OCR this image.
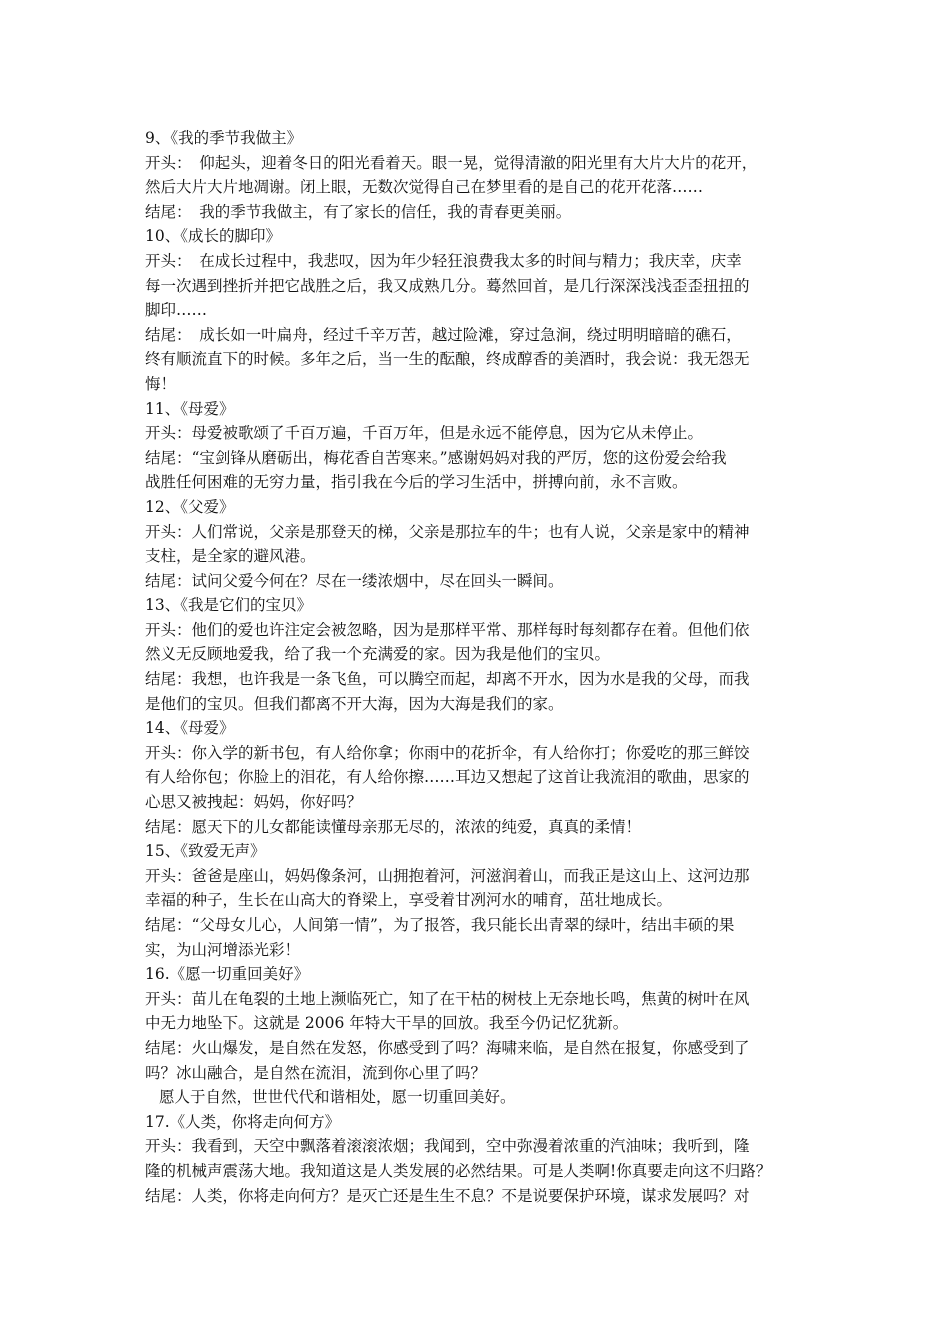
9、《我的季节我做主》
开头：　仰起头，迎着冬日的阳光看着天。眼一晃，觉得清澈的阳光里有大片大片的花开，
然后大片大片地凋谢。闭上眼，无数次觉得自己在梦里看的是自己的花开花落……
结尾：　我的季节我做主，有了家长的信任，我的青春更美丽。
10、《成长的脚印》
开头：　在成长过程中，我悲叹，因为年少轻狂浪费我太多的时间与精力；我庆幸，庆幸
每一次遇到挫折并把它战胜之后，我又成熟几分。蓦然回首，是几行深深浅浅歪歪扭扭的
脚印……
结尾：　成长如一叶扁舟，经过千辛万苦，越过险滩，穿过急涧，绕过明明暗暗的礁石，
终有顺流直下的时候。多年之后，当一生的酝酿，终成醇香的美酒时，我会说：我无怨无
悔！
11、《母爱》
开头：母爱被歌颂了千百万遍，千百万年，但是永远不能停息，因为它从未停止。
结尾：“宝剑锋从磨砺出，梅花香自苦寒来。”感谢妈妈对我的严厉，您的这份爱会给我
战胜任何困难的无穷力量，指引我在今后的学习生活中，拼搏向前，永不言败。
12、《父爱》
开头：人们常说，父亲是那登天的梯，父亲是那拉车的牛；也有人说，父亲是家中的精神
支柱，是全家的避风港。
结尾：试问父爱今何在？尽在一缕浓烟中，尽在回头一瞬间。
13、《我是它们的宝贝》
开头：他们的爱也许注定会被忽略，因为是那样平常、那样每时每刻都存在着。但他们依
然义无反顾地爱我，给了我一个充满爱的家。因为我是他们的宝贝。
结尾：我想，也许我是一条飞鱼，可以腾空而起，却离不开水，因为水是我的父母，而我
是他们的宝贝。但我们都离不开大海，因为大海是我们的家。
14、《母爱》
开头：你入学的新书包，有人给你拿；你雨中的花折伞，有人给你打；你爱吃的那三鲜饺
有人给你包；你脸上的泪花，有人给你擦……耳边又想起了这首让我流泪的歌曲，思家的
心思又被拽起：妈妈，你好吗？
结尾：愿天下的儿女都能读懂母亲那无尽的，浓浓的纯爱，真真的柔情！
15、《致爱无声》
开头：爸爸是座山，妈妈像条河，山拥抱着河，河滋润着山，而我正是这山上、这河边那
幸福的种子，生长在山高大的脊梁上，享受着甘冽河水的哺育，茁壮地成长。
结尾：“父母女儿心，人间第一情”，为了报答，我只能长出青翠的绿叶，结出丰硕的果
实，为山河增添光彩！
16.《愿一切重回美好》
开头：苗儿在龟裂的土地上濒临死亡，知了在干枯的树枝上无奈地长鸣，焦黄的树叶在风
中无力地坠下。这就是 2006 年特大干旱的回放。我至今仍记忆犹新。
结尾：火山爆发，是自然在发怒，你感受到了吗？海啸来临，是自然在报复，你感受到了
吗？冰山融合，是自然在流泪，流到你心里了吗？
愿人于自然，世世代代和谐相处，愿一切重回美好。
17.《人类，你将走向何方》
开头：我看到，天空中飘落着滚滚浓烟；我闻到，空中弥漫着浓重的汽油味；我听到，隆
隆的机械声震荡大地。我知道这是人类发展的必然结果。可是人类啊!你真要走向这不归路？
结尾：人类，你将走向何方？是灭亡还是生生不息？不是说要保护环境，谋求发展吗？对
